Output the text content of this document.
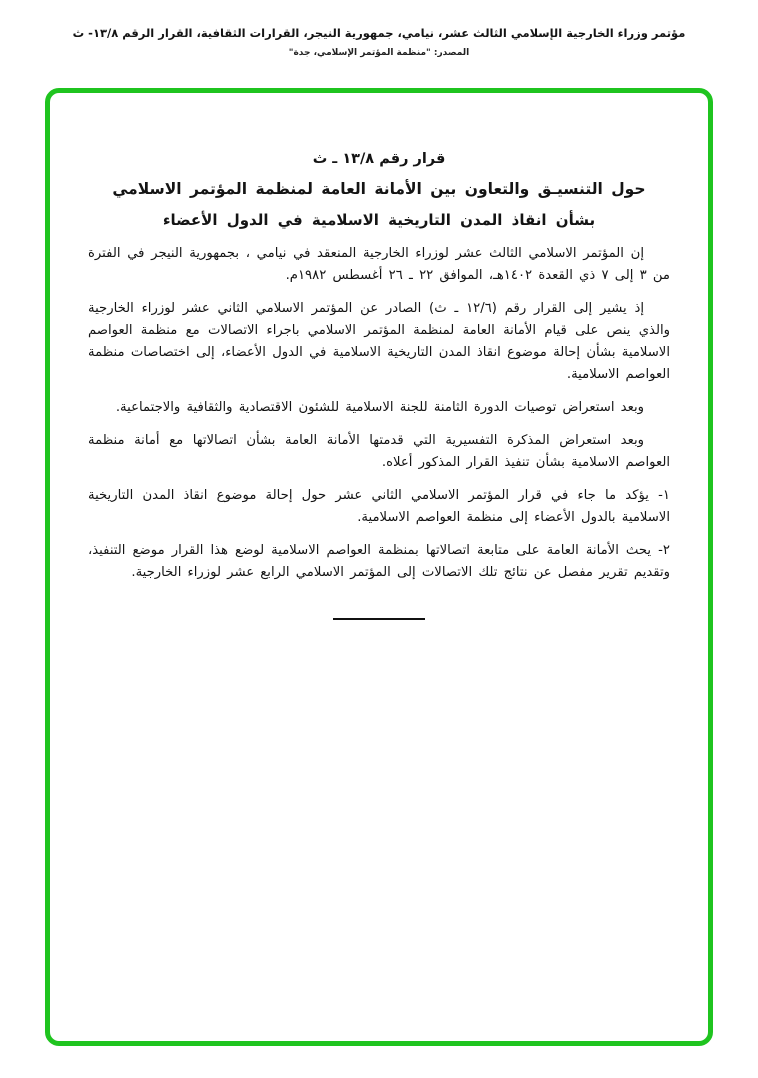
مؤتمر وزراء الخارجية الإسلامي الثالث عشر، نيامي، جمهورية النيجر، القرارات الثقافية، القرار الرقم ١٣/٨- ث
المصدر: "منظمة المؤتمر الإسلامي، جدة"
قرار رقم ١٣/٨ ـ ث
حول التنسيـق والتعاون بين الأمانة العامة لمنظمة المؤتمر الاسلامي
بشأن انقاذ المدن التاريخية الاسلامية في الدول الأعضاء

إن المؤتمر الاسلامي الثالث عشر لوزراء الخارجية المنعقد في نيامي ، بجمهورية النيجر في الفترة من ٣ إلى ٧ ذي القعدة ١٤٠٢هـ، الموافق ٢٢ ـ ٢٦ أغسطس ١٩٨٢م.

إذ يشير إلى القرار رقم (١٢/٦ ـ ث) الصادر عن المؤتمر الاسلامي الثاني عشر لوزراء الخارجية والذي ينص على قيام الأمانة العامة لمنظمة المؤتمر الاسلامي باجراء الاتصالات مع منظمة العواصم الاسلامية بشأن إحالة موضوع انقاذ المدن التاريخية الاسلامية في الدول الأعضاء، إلى اختصاصات منظمة العواصم الاسلامية.

وبعد استعراض توصيات الدورة الثامنة للجنة الاسلامية للشئون الاقتصادية والثقافية والاجتماعية.

وبعد استعراض المذكرة التفسيرية التي قدمتها الأمانة العامة بشأن اتصالاتها مع أمانة منظمة العواصم الاسلامية بشأن تنفيذ القرار المذكور أعلاه.

١- يؤكد ما جاء في قرار المؤتمر الاسلامي الثاني عشر حول إحالة موضوع انقاذ المدن التاريخية الاسلامية بالدول الأعضاء إلى منظمة العواصم الاسلامية.

٢- يحث الأمانة العامة على متابعة اتصالاتها بمنظمة العواصم الاسلامية لوضع هذا القرار موضع التنفيذ، وتقديم تقرير مفصل عن نتائج تلك الاتصالات إلى المؤتمر الاسلامي الرابع عشر لوزراء الخارجية.
